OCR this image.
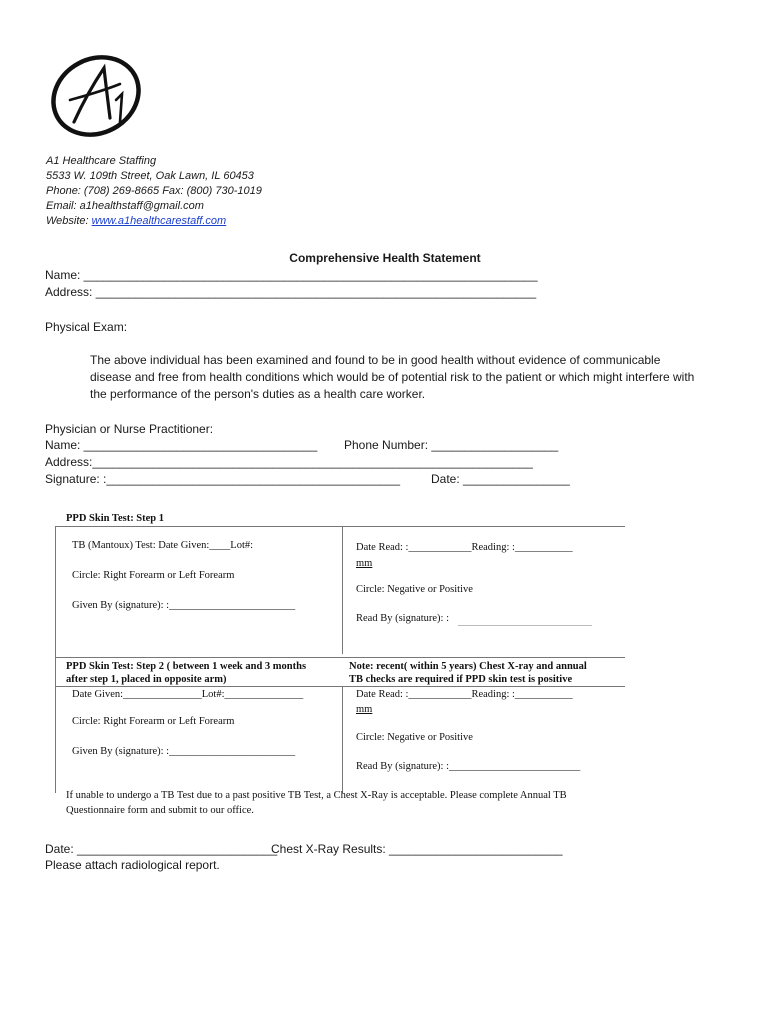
A1 Healthcare Staffing
5533 W. 109th Street, Oak Lawn, IL 60453
Phone: (708) 269-8665 Fax: (800) 730-1019
Email: a1healthstaff@gmail.com
Website: www.a1healthcarestaff.com
Comprehensive Health Statement
Name: ____________________________________________________________________
Address: __________________________________________________________________
Physical Exam:
The above individual has been examined and found to be in good health without evidence of communicable
disease and free from health conditions which would be of potential risk to the patient or which might interfere with
the performance of the person's duties as a health care worker.
Physician or Nurse Practitioner:
Name: ___________________________________ Phone Number: ___________________
Address:__________________________________________________________________
Signature: :____________________________________________	Date: ________________
PPD Skin Test: Step 1
TB (Mantoux) Test: Date Given:____Lot#:
Circle: Right Forearm or Left Forearm
Given By (signature): :________________________
Date Read: :____________Reading: :___________
mm
Circle: Negative or Positive
Read By (signature): :
PPD Skin Test: Step 2 ( between 1 week and 3 months
after step 1, placed in opposite arm)
Note: recent( within 5 years) Chest X-ray and annual
TB checks are required if PPD skin test is positive
Date Given:_______________Lot#:_______________
Circle: Right Forearm or Left Forearm
Given By (signature): :________________________
Date Read: :____________Reading: :___________
mm
Circle: Negative or Positive
Read By (signature): :_________________________
If unable to undergo a TB Test due to a past positive TB Test, a Chest X-Ray is acceptable. Please complete Annual TB
Questionnaire form and submit to our office.
Date: ______________________________
Chest X-Ray Results: __________________________
Please attach radiological report.
